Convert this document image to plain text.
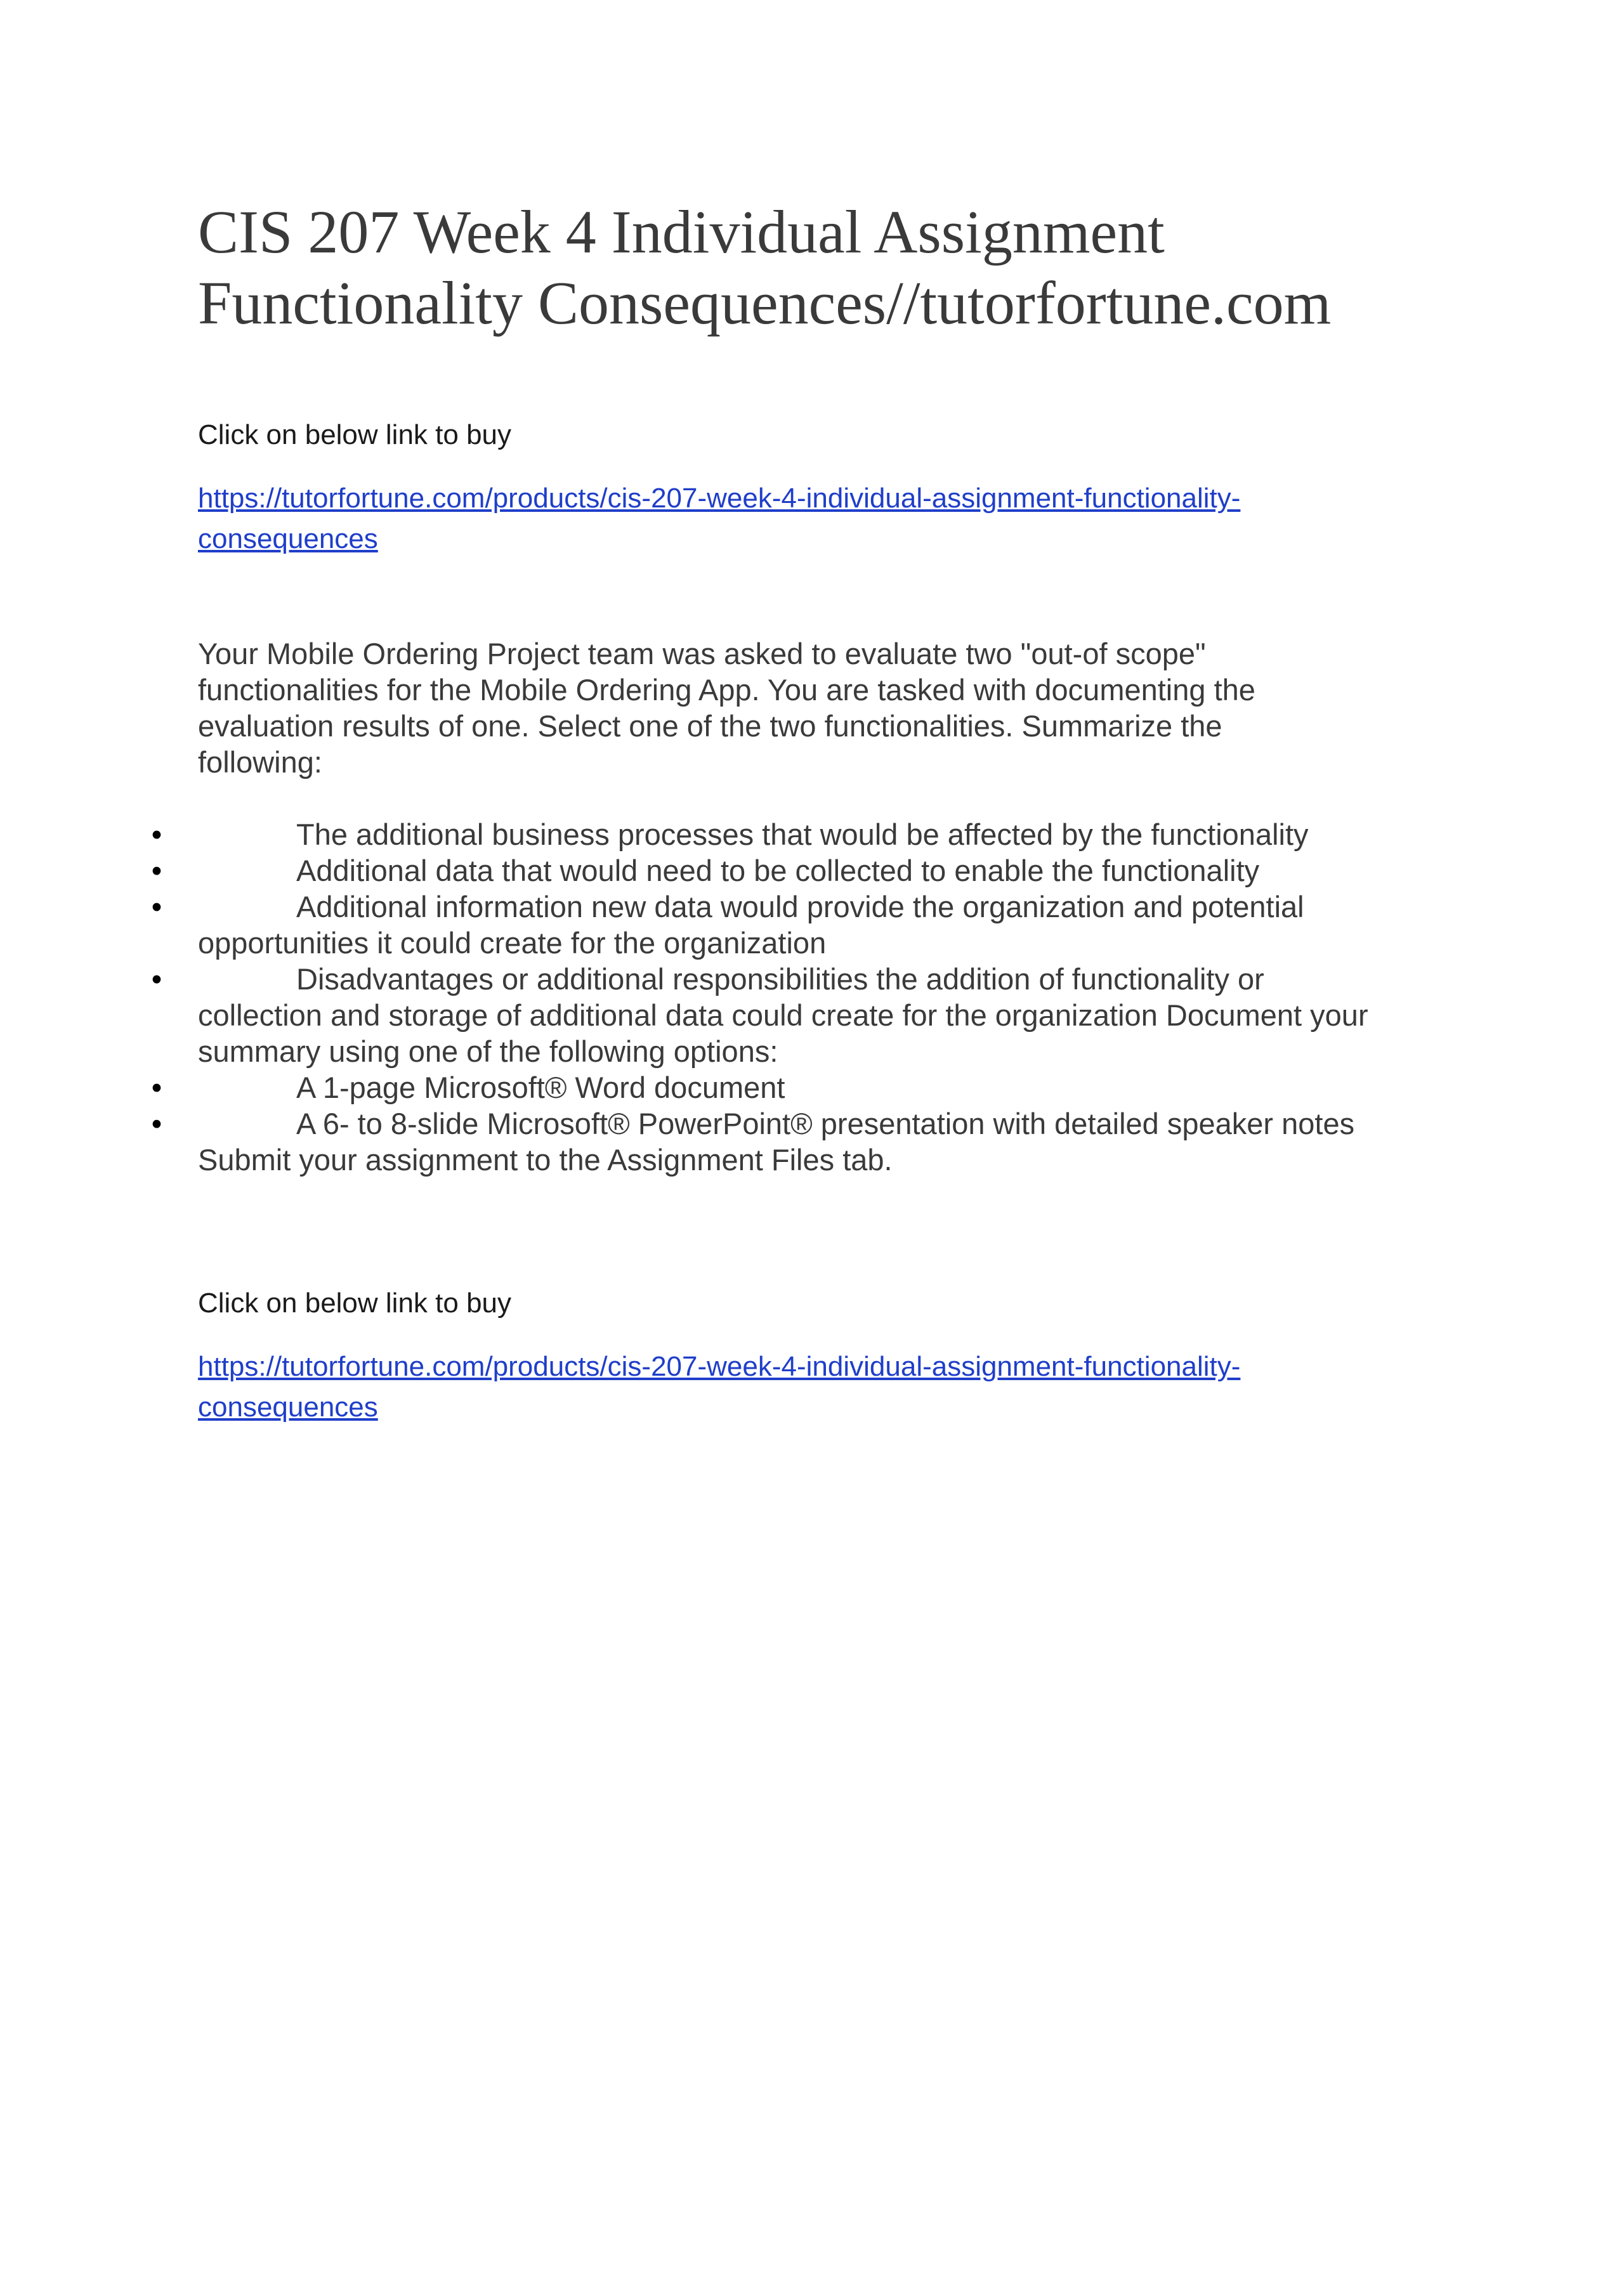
CIS 207 Week 4 Individual Assignment
Functionality Consequences//tutorfortune.com

Click on below link to buy

https://tutorfortune.com/products/cis-207-week-4-individual-assignment-functionality-
consequences

Your Mobile Ordering Project team was asked to evaluate two "out-of scope"
functionalities for the Mobile Ordering App. You are tasked with documenting the
evaluation results of one. Select one of the two functionalities. Summarize the
following:

•	The additional business processes that would be affected by the functionality
•	Additional data that would need to be collected to enable the functionality
•	Additional information new data would provide the organization and potential
opportunities it could create for the organization
•	Disadvantages or additional responsibilities the addition of functionality or
collection and storage of additional data could create for the organization Document your
summary using one of the following options:
•	A 1-page Microsoft® Word document
•	A 6- to 8-slide Microsoft® PowerPoint® presentation with detailed speaker notes

Submit your assignment to the Assignment Files tab.

Click on below link to buy

https://tutorfortune.com/products/cis-207-week-4-individual-assignment-functionality-
consequences
